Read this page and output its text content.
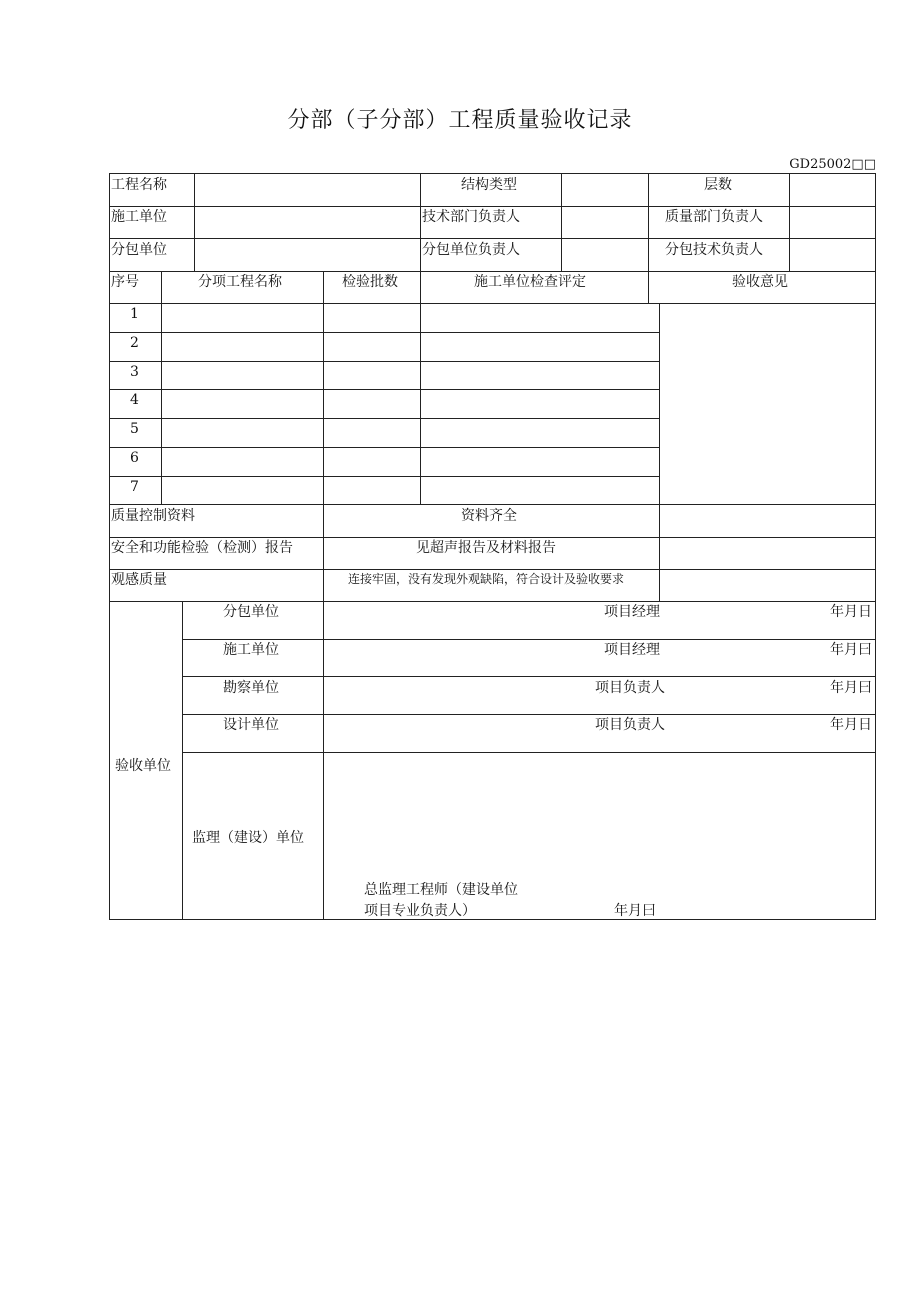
分部（子分部）工程质量验收记录
GD25002□□
工程名称	结构类型	层数
施工单位	技术部门负责人	质量部门负责人
分包单位	分包单位负责人	分包技术负责人
序号	分项工程名称	检验批数	施工单位检查评定	验收意见
1
2
3
4
5
6
7
质量控制资料	资料齐全
安全和功能检验（检测）报告	见超声报告及材料报告
观感质量	连接牢固，没有发现外观缺陷，符合设计及验收要求
验收单位
分包单位	项目经理	年月日
施工单位	项目经理	年月曰
勘察单位	项目负责人	年月曰
设计单位	项目负责人	年月日
监理（建设）单位
总监理工程师（建设单位
项目专业负责人）	年月曰
